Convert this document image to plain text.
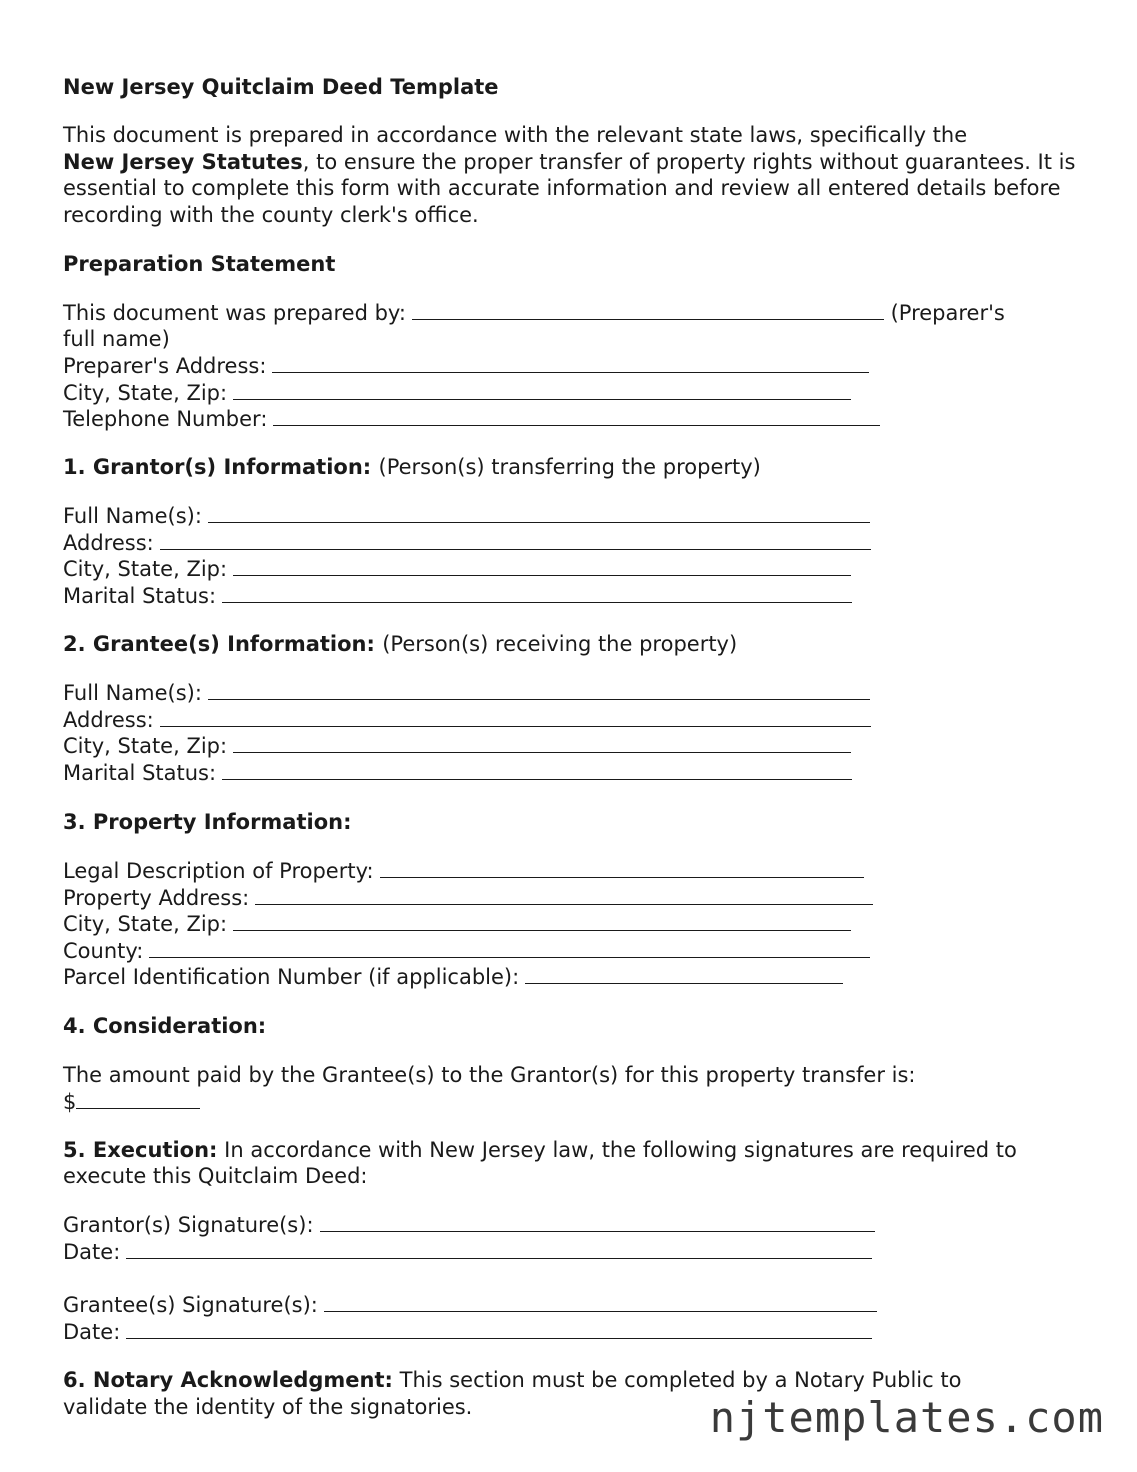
New Jersey Quitclaim Deed Template
This document is prepared in accordance with the relevant state laws, specifically the
New Jersey Statutes, to ensure the proper transfer of property rights without guarantees. It is essential to complete this form with accurate information and review all entered details before recording with the county clerk's office.
Preparation Statement
This document was prepared by:	(Preparer's
full name)
Preparer's Address:
City, State, Zip:
Telephone Number:
1. Grantor(s) Information: (Person(s) transferring the property)
Full Name(s):
Address:
City, State, Zip:
Marital Status:
2. Grantee(s) Information: (Person(s) receiving the property)
Full Name(s):
Address:
City, State, Zip:
Marital Status:
3. Property Information:
Legal Description of Property:
Property Address:
City, State, Zip:
County:
Parcel Identification Number (if applicable):
4. Consideration:
The amount paid by the Grantee(s) to the Grantor(s) for this property transfer is:
$
5. Execution: In accordance with New Jersey law, the following signatures are required to
execute this Quitclaim Deed:
Grantor(s) Signature(s):
Date:
Grantee(s) Signature(s):
Date:
6. Notary Acknowledgment: This section must be completed by a Notary Public to
validate the identity of the signatories.	njtemplates.com
